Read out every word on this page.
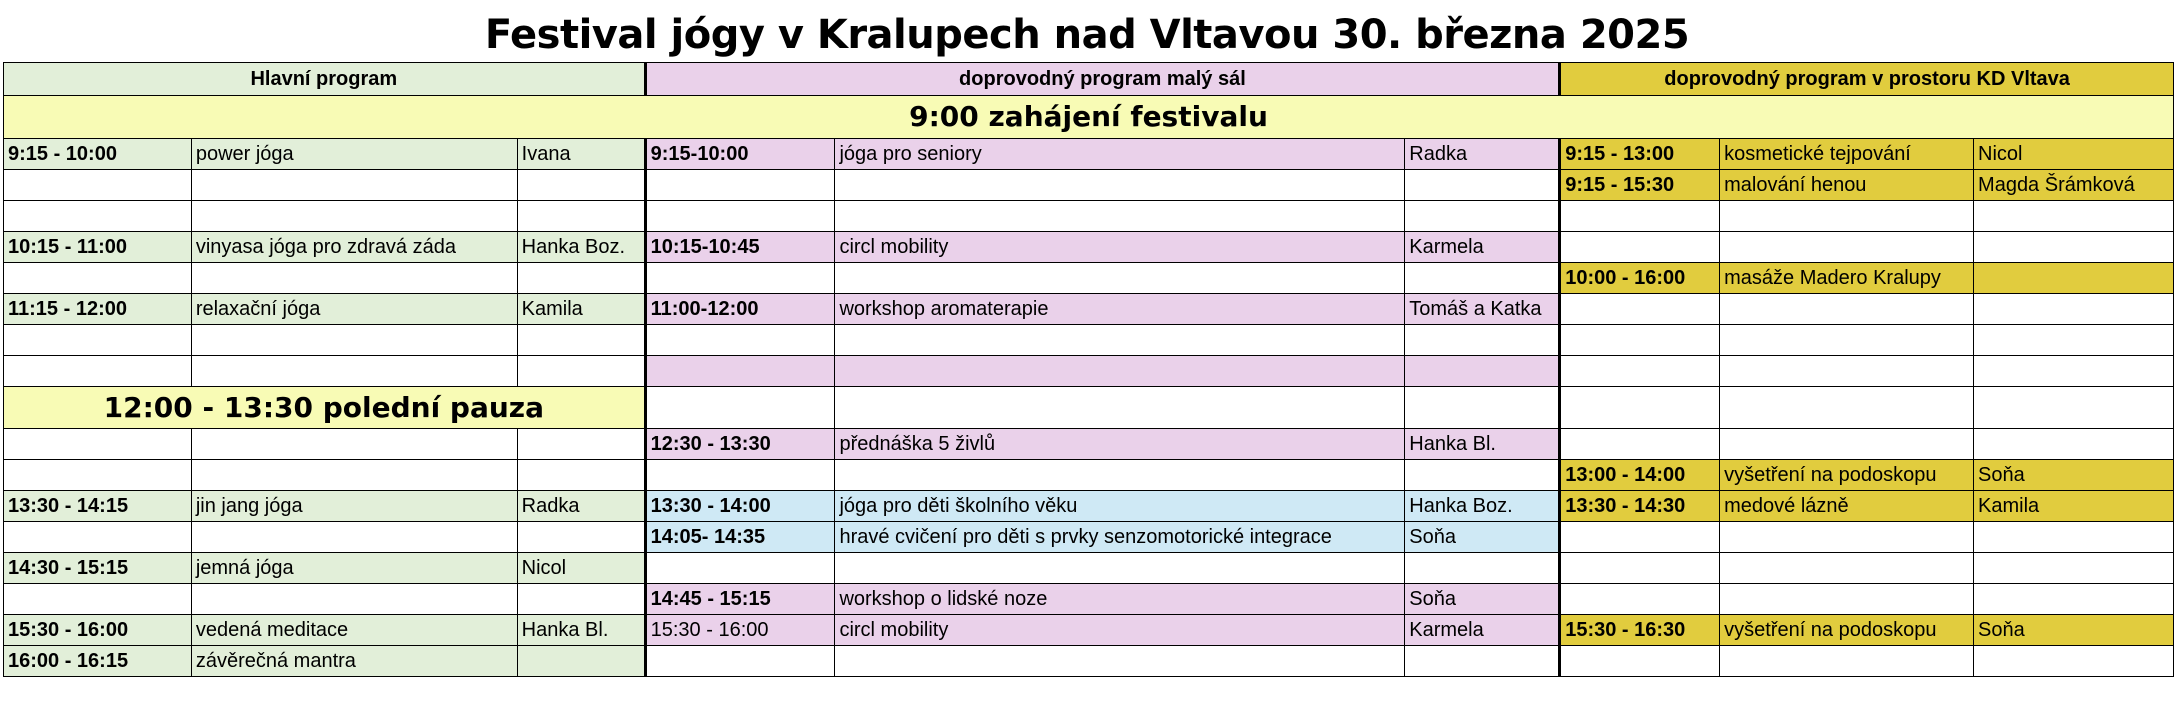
Festival jógy v Kralupech nad Vltavou 30. března 2025
Hlavní program			doprovodný program malý sál			doprovodný program v prostoru KD Vltava		
9:00 zahájení festivalu								
9:15 - 10:00	power jóga	Ivana	9:15-10:00	jóga pro seniory	Radka	9:15 - 13:00	kosmetické tejpování	Nicol
						9:15 - 15:30	malování henou	Magda Šrámková

10:15 - 11:00	vinyasa jóga pro zdravá záda	Hanka Boz.	10:15-10:45	circl mobility	Karmela			
						10:00 - 16:00	masáže Madero Kralupy	
11:15 - 12:00	relaxační jóga	Kamila	11:00-12:00	workshop aromaterapie	Tomáš a Katka			

12:00 - 13:30 polední pauza								
			12:30 - 13:30	přednáška 5 živlů	Hanka Bl.			
						13:00 - 14:00	vyšetření na podoskopu	Soňa
13:30 - 14:15	jin jang jóga	Radka	13:30 - 14:00	jóga pro děti školního věku	Hanka Boz.	13:30 - 14:30	medové lázně	Kamila
			14:05- 14:35	hravé cvičení pro děti s prvky senzomotorické integrace	Soňa			
14:30 - 15:15	jemná jóga	Nicol						
			14:45 - 15:15	workshop o lidské noze	Soňa			
15:30 - 16:00	vedená meditace	Hanka Bl.	15:30 - 16:00	circl mobility	Karmela	15:30 - 16:30	vyšetření na podoskopu	Soňa
16:00 - 16:15	závěrečná mantra							
